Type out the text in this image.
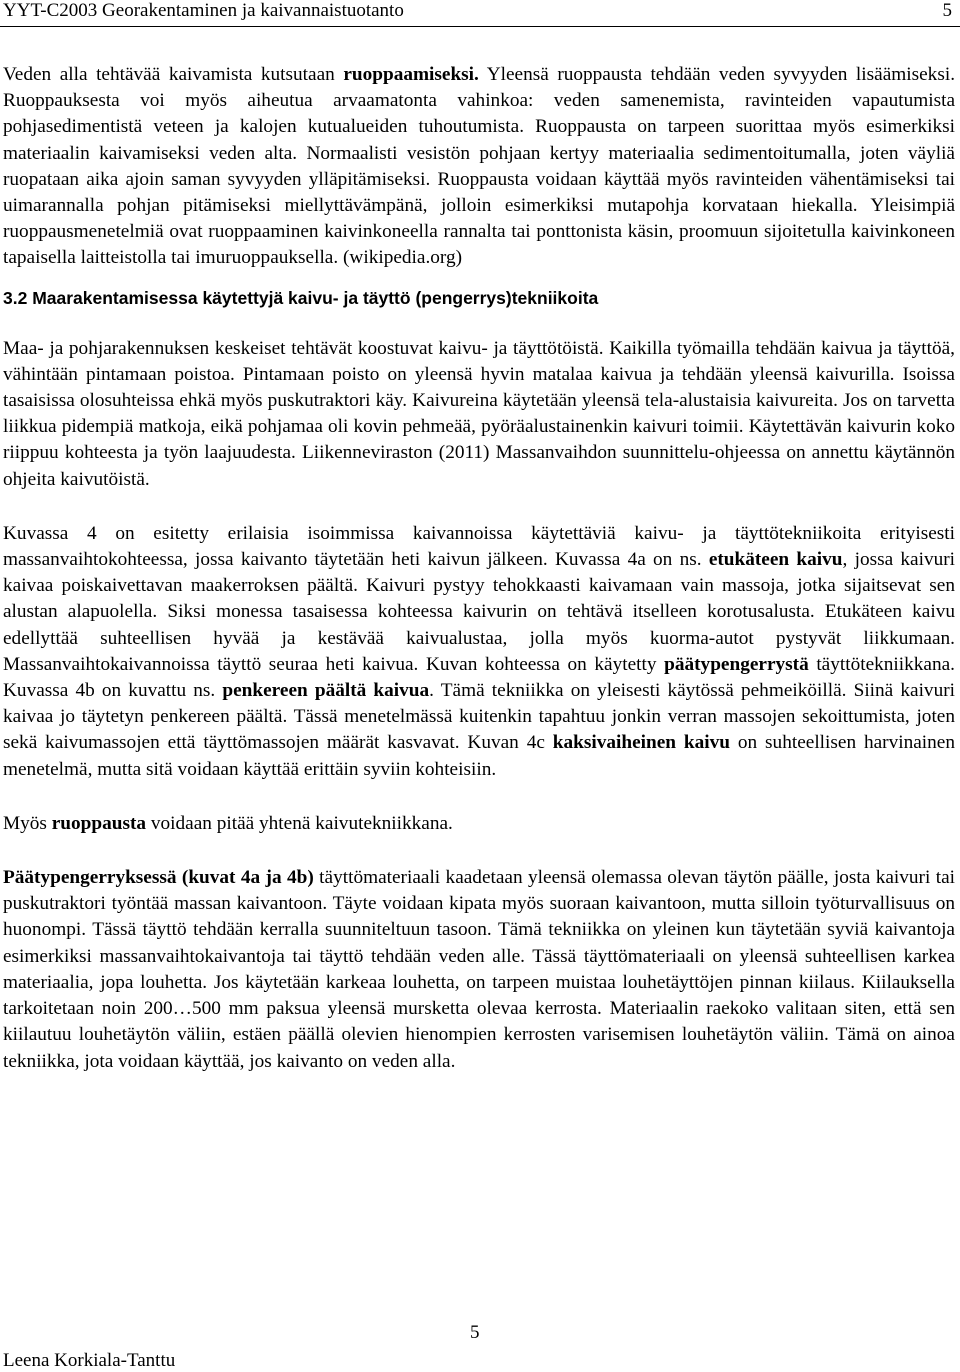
YYT-C2003 Georakentaminen ja kaivannaistuotanto	5

Veden alla tehtävää kaivamista kutsutaan ruoppaamiseksi. Yleensä ruoppausta tehdään veden syvyyden lisäämiseksi. Ruoppauksesta voi myös aiheutua arvaamatonta vahinkoa: veden samenemista, ravinteiden vapautumista pohjasedimentistä veteen ja kalojen kutualueiden tuhoutumista. Ruoppausta on tarpeen suorittaa myös esimerkiksi materiaalin kaivamiseksi veden alta. Normaalisti vesistön pohjaan kertyy materiaalia sedimentoitumalla, joten väyliä ruopataan aika ajoin saman syvyyden ylläpitämiseksi. Ruoppausta voidaan käyttää myös ravinteiden vähentämiseksi tai uimarannalla pohjan pitämiseksi miellyttävämpänä, jolloin esimerkiksi mutapohja korvataan hiekalla. Yleisimpiä ruoppausmenetelmiä ovat ruoppaaminen kaivinkoneella rannalta tai ponttonista käsin, proomuun sijoitetulla kaivinkoneen tapaisella laitteistolla tai imuruoppauksella. (wikipedia.org)

3.2 Maarakentamisessa käytettyjä kaivu- ja täyttö (pengerrys)tekniikoita

Maa- ja pohjarakennuksen keskeiset tehtävät koostuvat kaivu- ja täyttötöistä. Kaikilla työmailla tehdään kaivua ja täyttöä, vähintään pintamaan poistoa. Pintamaan poisto on yleensä hyvin matalaa kaivua ja tehdään yleensä kaivurilla. Isoissa tasaisissa olosuhteissa ehkä myös puskutraktori käy. Kaivureina käytetään yleensä tela-alustaisia kaivureita. Jos on tarvetta liikkua pidempiä matkoja, eikä pohjamaa oli kovin pehmeää, pyöräalustainenkin kaivuri toimii. Käytettävän kaivurin koko riippuu kohteesta ja työn laajuudesta. Liikenneviraston (2011) Massanvaihdon suunnittelu-ohjeessa on annettu käytännön ohjeita kaivutöistä.

Kuvassa 4 on esitetty erilaisia isoimmissa kaivannoissa käytettäviä kaivu- ja täyttötekniikoita erityisesti massanvaihtokohteessa, jossa kaivanto täytetään heti kaivun jälkeen. Kuvassa 4a on ns. etukäteen kaivu, jossa kaivuri kaivaa poiskaivettavan maakerroksen päältä. Kaivuri pystyy tehokkaasti kaivamaan vain massoja, jotka sijaitsevat sen alustan alapuolella. Siksi monessa tasaisessa kohteessa kaivurin on tehtävä itselleen korotusalusta. Etukäteen kaivu edellyttää suhteellisen hyvää ja kestävää kaivualustaa, jolla myös kuorma-autot pystyvät liikkumaan. Massanvaihtokaivannoissa täyttö seuraa heti kaivua. Kuvan kohteessa on käytetty päätypengerrystä täyttötekniikkana. Kuvassa 4b on kuvattu ns. penkereen päältä kaivua. Tämä tekniikka on yleisesti käytössä pehmeiköillä. Siinä kaivuri kaivaa jo täytetyn penkereen päältä. Tässä menetelmässä kuitenkin tapahtuu jonkin verran massojen sekoittumista, joten sekä kaivumassojen että täyttömassojen määrät kasvavat. Kuvan 4c kaksivaiheinen kaivu on suhteellisen harvinainen menetelmä, mutta sitä voidaan käyttää erittäin syviin kohteisiin.

Myös ruoppausta voidaan pitää yhtenä kaivutekniikkana.

Päätypengerryksessä (kuvat 4a ja 4b) täyttömateriaali kaadetaan yleensä olemassa olevan täytön päälle, josta kaivuri tai puskutraktori työntää massan kaivantoon. Täyte voidaan kipata myös suoraan kaivantoon, mutta silloin työturvallisuus on huonompi. Tässä täyttö tehdään kerralla suunniteltuun tasoon. Tämä tekniikka on yleinen kun täytetään syviä kaivantoja esimerkiksi massanvaihtokaivantoja tai täyttö tehdään veden alle. Tässä täyttömateriaali on yleensä suhteellisen karkea materiaalia, jopa louhetta. Jos käytetään karkeaa louhetta, on tarpeen muistaa louhetäyttöjen pinnan kiilaus. Kiilauksella tarkoitetaan noin 200…500 mm paksua yleensä mursketta olevaa kerrosta. Materiaalin raekoko valitaan siten, että sen kiilautuu louhetäytön väliin, estäen päällä olevien hienompien kerrosten varisemisen louhetäytön väliin. Tämä on ainoa tekniikka, jota voidaan käyttää, jos kaivanto on veden alla.

5
Leena Korkiala-Tanttu
